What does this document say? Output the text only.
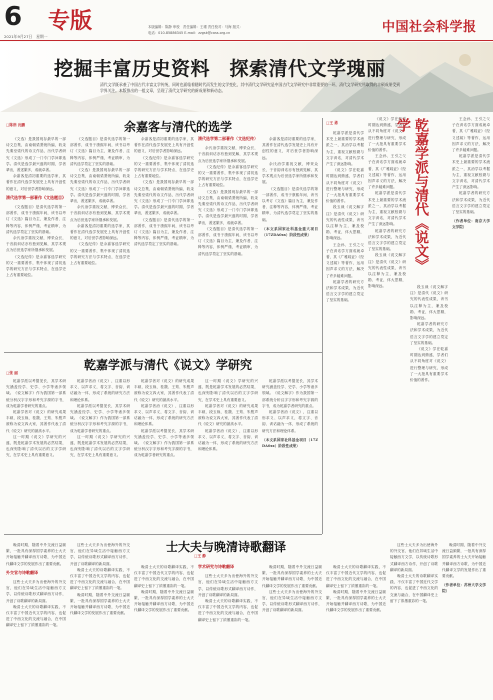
6 专版
2021年9月27日　星期一
本版编辑：陈静 审校　责任编辑：王瑾 责任校对：马海 版式：
电话：010-85886345 E-mail：zzgsk@cass.org.cn	中国社会科学报
挖掘丰富历史资料　探索清代文学瑰丽
清代文学既承袭了中国古代丰富文学传统，同时也面临着随时代而发生的文学变化，其中清代文学研究是中国古代文学研究中非常重要的一环，清代文学研究所取得的丰硕成果受到学界关注。本版推出的一组文章，呈现了清代文学研究的新成果和新动态。
余嘉客与清代的选学
□陈浩 沈鹏

《文选》是我国现存最早的一部诗文总集，由南朝梁萧统所编，收录先秦至梁代的诗文作品，历代学者研究《文选》形成了一门专门学问即选学。清代是选学最兴盛的时期，学者辈出，著述繁多，成就卓著。

余嘉客是清初重要的选学家，其著作在清代选学发展史上具有开创性的意义，对后世学者影响深远。

清代选学第一部著作《文选题目》

《文选题目》是清代选学的第一部著作，成书于康熙年间，该书以考订《文选》篇目为主，兼及作者、注释等内容，体例严谨，考证精审，为清代选学奠定了坚实的基础。

余氏治学重视文献，博采众长，于音韵训诂亦有独到见解，其学术观点为后世选学家所继承和发展。

《文选纪传》是余嘉客选学研究的又一重要著作，集中体现了清初选学的研究方法与学术特点，在选学史上占有重要地位。

《文选题目》是清代选学的第一部著作，成书于康熙年间，该书以考订《文选》篇目为主，兼及作者、注释等内容，体例严谨，考证精审，为清代选学奠定了坚实的基础。

《文选》是我国现存最早的一部诗文总集，由南朝梁萧统所编，收录先秦至梁代的诗文作品，历代学者研究《文选》形成了一门专门学问即选学。清代是选学最兴盛的时期，学者辈出，著述繁多，成就卓著。

余氏治学重视文献，博采众长，于音韵训诂亦有独到见解，其学术观点为后世选学家所继承和发展。

余嘉客是清初重要的选学家，其著作在清代选学发展史上具有开创性的意义，对后世学者影响深远。

《文选纪传》是余嘉客选学研究的又一重要著作，集中体现了清初选学的研究方法与学术特点，在选学史上占有重要地位。

余嘉客是清初重要的选学家，其著作在清代选学发展史上具有开创性的意义，对后世学者影响深远。

《文选纪传》是余嘉客选学研究的又一重要著作，集中体现了清初选学的研究方法与学术特点，在选学史上占有重要地位。

《文选》是我国现存最早的一部诗文总集，由南朝梁萧统所编，收录先秦至梁代的诗文作品，历代学者研究《文选》形成了一门专门学问即选学。清代是选学最兴盛的时期，学者辈出，著述繁多，成就卓著。

《文选题目》是清代选学的第一部著作，成书于康熙年间，该书以考订《文选》篇目为主，兼及作者、注释等内容，体例严谨，考证精审，为清代选学奠定了坚实的基础。

清代选学第二部著作（文选纪传）

余氏治学重视文献，博采众长，于音韵训诂亦有独到见解，其学术观点为后世选学家所继承和发展。

《文选纪传》是余嘉客选学研究的又一重要著作，集中体现了清初选学的研究方法与学术特点，在选学史上占有重要地位。

《文选》是我国现存最早的一部诗文总集，由南朝梁萧统所编，收录先秦至梁代的诗文作品，历代学者研究《文选》形成了一门专门学问即选学。清代是选学最兴盛的时期，学者辈出，著述繁多，成就卓著。

《文选题目》是清代选学的第一部著作，成书于康熙年间，该书以考订《文选》篇目为主，兼及作者、注释等内容，体例严谨，考证精审，为清代选学奠定了坚实的基础。

余嘉客是清初重要的选学家，其著作在清代选学发展史上具有开创性的意义，对后世学者影响深远。

余氏治学重视文献，博采众长，于音韵训诂亦有独到见解，其学术观点为后世选学家所继承和发展。

《文选题目》是清代选学的第一部著作，成书于康熙年间，该书以考订《文选》篇目为主，兼及作者、注释等内容，体例严谨，考证精审，为清代选学奠定了坚实的基础。

（本文系国家社科基金重大项目（17ZDA0xx）阶段性成果）
乾嘉学派与清代《说文》学研究
□张 丽

乾嘉学派以考据见长，其学术研究涵盖经学、史学、小学等诸多领域。《说文解字》作为我国第一部系统分析汉字字形和考究字源的字书，成为乾嘉学者研究的重点。

乾嘉学者对《说文》的研究成果丰硕，段玉裁、桂馥、王筠、朱骏声被称为说文四大家，其著作代表了清代《说文》研究的最高水平。

这一时期《说文》学研究的兴盛，既是乾嘉学术发展的必然结果，也深刻影响了清代以后的文字学研究，在学术史上具有重要意义。

乾嘉学者治《说文》，注重以形求义、以声求义，将文字、音韵、训诂融为一体，形成了系统的研究方法和理论体系。

乾嘉学派以考据见长，其学术研究涵盖经学、史学、小学等诸多领域。《说文解字》作为我国第一部系统分析汉字字形和考究字源的字书，成为乾嘉学者研究的重点。

这一时期《说文》学研究的兴盛，既是乾嘉学术发展的必然结果，也深刻影响了清代以后的文字学研究，在学术史上具有重要意义。

乾嘉学者对《说文》的研究成果丰硕，段玉裁、桂馥、王筠、朱骏声被称为说文四大家，其著作代表了清代《说文》研究的最高水平。

乾嘉学者治《说文》，注重以形求义、以声求义，将文字、音韵、训诂融为一体，形成了系统的研究方法和理论体系。

乾嘉学派以考据见长，其学术研究涵盖经学、史学、小学等诸多领域。《说文解字》作为我国第一部系统分析汉字字形和考究字源的字书，成为乾嘉学者研究的重点。

这一时期《说文》学研究的兴盛，既是乾嘉学术发展的必然结果，也深刻影响了清代以后的文字学研究，在学术史上具有重要意义。

乾嘉学者对《说文》的研究成果丰硕，段玉裁、桂馥、王筠、朱骏声被称为说文四大家，其著作代表了清代《说文》研究的最高水平。

乾嘉学者治《说文》，注重以形求义、以声求义，将文字、音韵、训诂融为一体，形成了系统的研究方法和理论体系。

乾嘉学派以考据见长，其学术研究涵盖经学、史学、小学等诸多领域。《说文解字》作为我国第一部系统分析汉字字形和考究字源的字书，成为乾嘉学者研究的重点。

乾嘉学者治《说文》，注重以形求义、以声求义，将文字、音韵、训诂融为一体，形成了系统的研究方法和理论体系。

（本文系国家社科基金项目（17ZDA0xx）阶段性成果）
士大夫与晚清诗歌翻译
□王 静

晚清时期，随着中外交流日益频繁，一批具有深厚国学素养的士大夫开始接触并翻译西方诗歌，为中国近代翻译文学的发展作出了重要贡献。

外交官与诗歌翻译

这些士大夫多为出使海外的外交官，他们在异域生活中接触西方文学，以传统诗歌形式翻译西方诗作，开创了诗歌翻译的新局面。

晚清士大夫的诗歌翻译实践，不仅丰富了中国近代文学的内容，也促进了中西文化的交流与融合，在中国翻译史上留下了浓墨重彩的一笔。

这些士大夫多为出使海外的外交官，他们在异域生活中接触西方文学，以传统诗歌形式翻译西方诗作，开创了诗歌翻译的新局面。

晚清士大夫的诗歌翻译实践，不仅丰富了中国近代文学的内容，也促进了中西文化的交流与融合，在中国翻译史上留下了浓墨重彩的一笔。

晚清时期，随着中外交流日益频繁，一批具有深厚国学素养的士大夫开始接触并翻译西方诗歌，为中国近代翻译文学的发展作出了重要贡献。

晚清士大夫的诗歌翻译实践，不仅丰富了中国近代文学的内容，也促进了中西文化的交流与融合，在中国翻译史上留下了浓墨重彩的一笔。

晚清时期，随着中外交流日益频繁，一批具有深厚国学素养的士大夫开始接触并翻译西方诗歌，为中国近代翻译文学的发展作出了重要贡献。

学术研究与诗歌翻译

这些士大夫多为出使海外的外交官，他们在异域生活中接触西方文学，以传统诗歌形式翻译西方诗作，开创了诗歌翻译的新局面。

晚清士大夫的诗歌翻译实践，不仅丰富了中国近代文学的内容，也促进了中西文化的交流与融合，在中国翻译史上留下了浓墨重彩的一笔。

晚清时期，随着中外交流日益频繁，一批具有深厚国学素养的士大夫开始接触并翻译西方诗歌，为中国近代翻译文学的发展作出了重要贡献。

这些士大夫多为出使海外的外交官，他们在异域生活中接触西方文学，以传统诗歌形式翻译西方诗作，开创了诗歌翻译的新局面。

晚清士大夫的诗歌翻译实践，不仅丰富了中国近代文学的内容，也促进了中西文化的交流与融合，在中国翻译史上留下了浓墨重彩的一笔。

晚清时期，随着中外交流日益频繁，一批具有深厚国学素养的士大夫开始接触并翻译西方诗歌，为中国近代翻译文学的发展作出了重要贡献。

这些士大夫多为出使海外的外交官，他们在异域生活中接触西方文学，以传统诗歌形式翻译西方诗作，开创了诗歌翻译的新局面。

晚清士大夫的诗歌翻译实践，不仅丰富了中国近代文学的内容，也促进了中西文化的交流与融合，在中国翻译史上留下了浓墨重彩的一笔。

晚清时期，随着中外交流日益频繁，一批具有深厚国学素养的士大夫开始接触并翻译西方诗歌，为中国近代翻译文学的发展作出了重要贡献。

（作者单位：苏州大学文学院）
□王 勇

乾嘉学派是清代学术史上最重要的学术流派之一，其治学以考据为主，重视文献校勘与文字训诂，对清代学术产生了深远影响。

《说文》学在乾嘉时期达到鼎盛，学者们从不同角度对《说文》进行整理与研究，形成了一大批具有重要学术价值的著作。

段玉裁《说文解字注》是清代《说文》研究的代表性成果，该书以注释为主，兼及校勘、考证，体大思精，影响深远。

王念孙、王引之父子在训诂学方面成就卓著，其《广雅疏证》《经义述闻》等著作，运用因声求义的方法，解决了许多疑难问题。

乾嘉学者的研究方法和学术成果，为近代语言文字学的建立奠定了坚实的基础。

《说文》学在乾嘉时期达到鼎盛，学者们从不同角度对《说文》进行整理与研究，形成了一大批具有重要学术价值的著作。

王念孙、王引之父子在训诂学方面成就卓著，其《广雅疏证》《经义述闻》等著作，运用因声求义的方法，解决了许多疑难问题。

乾嘉学派是清代学术史上最重要的学术流派之一，其治学以考据为主，重视文献校勘与文字训诂，对清代学术产生了深远影响。

乾嘉学者的研究方法和学术成果，为近代语言文字学的建立奠定了坚实的基础。

段玉裁《说文解字注》是清代《说文》研究的代表性成果，该书以注释为主，兼及校勘、考证，体大思精，影响深远。

乾嘉学派与清代《说文》学

段玉裁《说文解字注》是清代《说文》研究的代表性成果，该书以注释为主，兼及校勘、考证，体大思精，影响深远。

乾嘉学者的研究方法和学术成果，为近代语言文字学的建立奠定了坚实的基础。

《说文》学在乾嘉时期达到鼎盛，学者们从不同角度对《说文》进行整理与研究，形成了一大批具有重要学术价值的著作。

王念孙、王引之父子在训诂学方面成就卓著，其《广雅疏证》《经义述闻》等著作，运用因声求义的方法，解决了许多疑难问题。

乾嘉学派是清代学术史上最重要的学术流派之一，其治学以考据为主，重视文献校勘与文字训诂，对清代学术产生了深远影响。

乾嘉学者的研究方法和学术成果，为近代语言文字学的建立奠定了坚实的基础。

（作者单位：南京大学文学院）
